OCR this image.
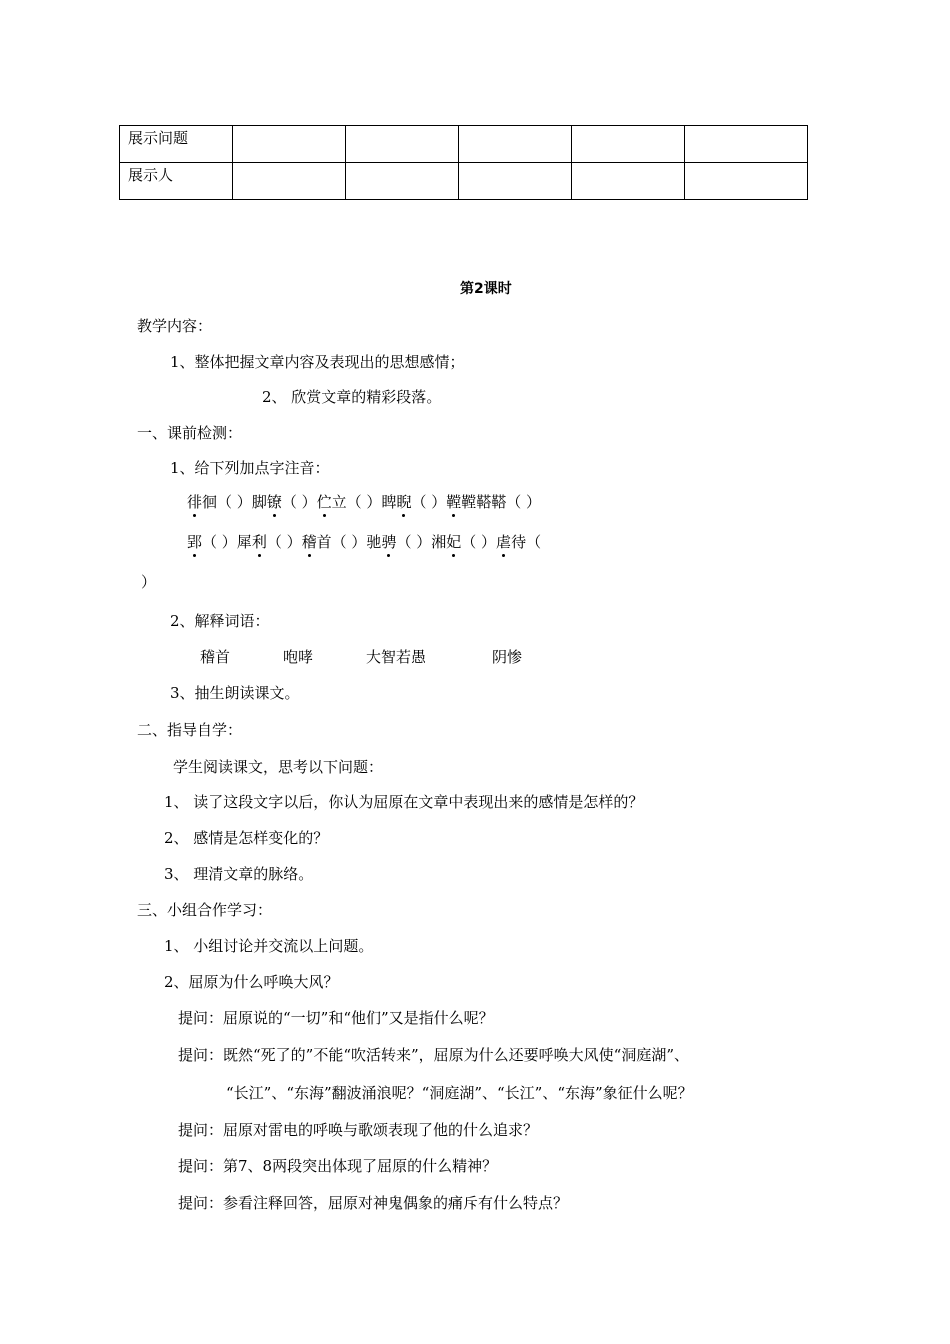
展示问题					
展示人					
第2课时
教学内容：
1、整体把握文章内容及表现出的思想感情；
2、 欣赏文章的精彩段落。
一、课前检测：
1、给下列加点字注音：
徘徊（ ）脚镣（ ）伫立（ ）睥睨（ ）鞺鞺鞳鞳（ ）
郢（ ）犀利（ ）稽首（ ）驰骋（ ）湘妃（ ）虐待（
）
2、解释词语：
稽首	咆哮	大智若愚	阴惨
3、抽生朗读课文。
二、指导自学：
学生阅读课文，思考以下问题：
1、 读了这段文字以后，你认为屈原在文章中表现出来的感情是怎样的？
2、 感情是怎样变化的？
3、 理清文章的脉络。
三、小组合作学习：
1、 小组讨论并交流以上问题。
2、屈原为什么呼唤大风？
提问：屈原说的“一切”和“他们”又是指什么呢？
提问：既然“死了的”不能“吹活转来”，屈原为什么还要呼唤大风使“洞庭湖”、
“长江”、“东海”翻波涌浪呢？“洞庭湖”、“长江”、“东海”象征什么呢？
提问：屈原对雷电的呼唤与歌颂表现了他的什么追求？
提问：第7、8两段突出体现了屈原的什么精神？
提问：参看注释回答，屈原对神鬼偶象的痛斥有什么特点？
